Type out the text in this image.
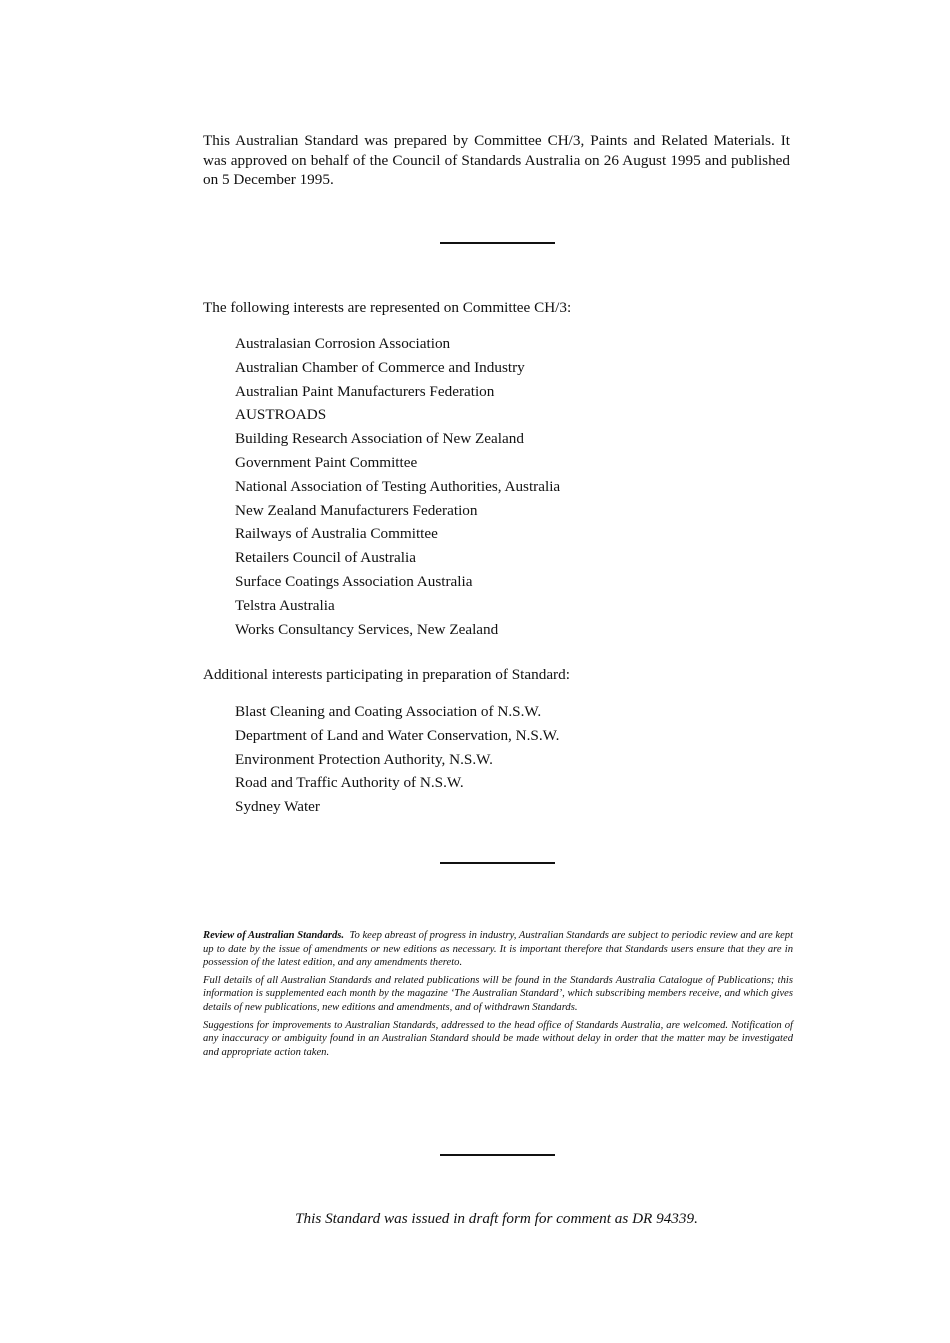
This Australian Standard was prepared by Committee CH/3, Paints and Related Materials. It was approved on behalf of the Council of Standards Australia on 26 August 1995 and published on 5 December 1995.

The following interests are represented on Committee CH/3:

Australasian Corrosion Association
Australian Chamber of Commerce and Industry
Australian Paint Manufacturers Federation
AUSTROADS
Building Research Association of New Zealand
Government Paint Committee
National Association of Testing Authorities, Australia
New Zealand Manufacturers Federation
Railways of Australia Committee
Retailers Council of Australia
Surface Coatings Association Australia
Telstra Australia
Works Consultancy Services, New Zealand

Additional interests participating in preparation of Standard:

Blast Cleaning and Coating Association of N.S.W.
Department of Land and Water Conservation, N.S.W.
Environment Protection Authority, N.S.W.
Road and Traffic Authority of N.S.W.
Sydney Water

Review of Australian Standards. To keep abreast of progress in industry, Australian Standards are subject to periodic review and are kept up to date by the issue of amendments or new editions as necessary. It is important therefore that Standards users ensure that they are in possession of the latest edition, and any amendments thereto.

Full details of all Australian Standards and related publications will be found in the Standards Australia Catalogue of Publications; this information is supplemented each month by the magazine ‘The Australian Standard’, which subscribing members receive, and which gives details of new publications, new editions and amendments, and of withdrawn Standards.

Suggestions for improvements to Australian Standards, addressed to the head office of Standards Australia, are welcomed. Notification of any inaccuracy or ambiguity found in an Australian Standard should be made without delay in order that the matter may be investigated and appropriate action taken.

This Standard was issued in draft form for comment as DR 94339.
